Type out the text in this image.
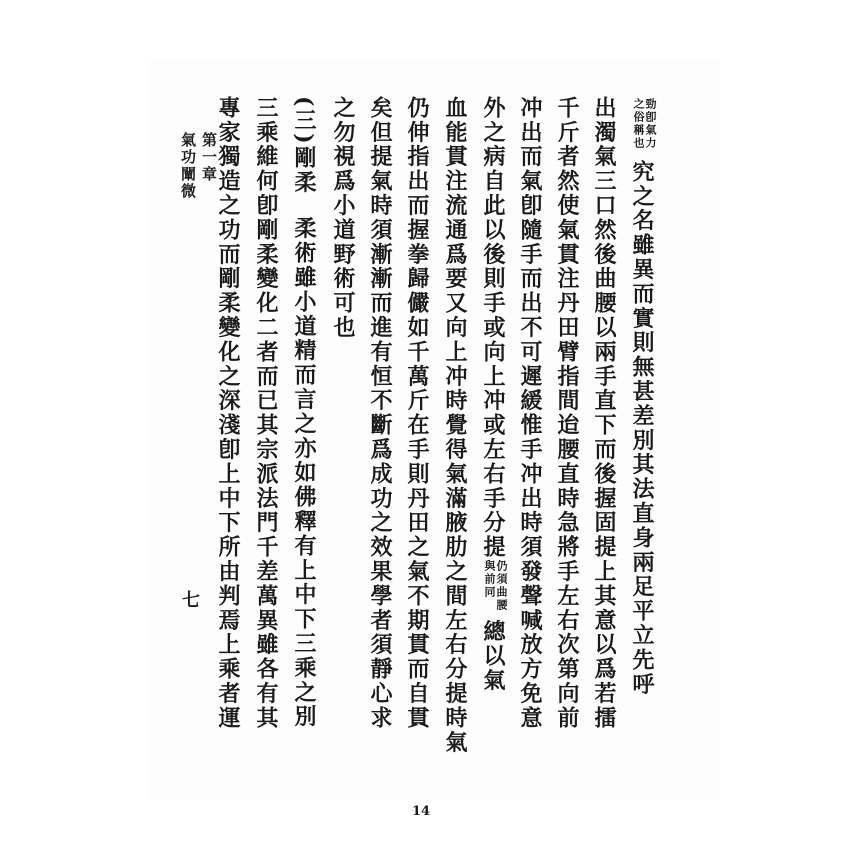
勁卽氣力之俗稱也究之名雖異而實則無甚差別其法直身兩足平立先呼
出濁氣三口然後曲腰以兩手直下而後握固提上其意以爲若擂
千斤者然使氣貫注丹田臂指間迨腰直時急將手左右次第向前
冲出而氣卽隨手而出不可遲緩惟手冲出時須發聲喊放方免意
外之病自此以後則手或向上冲或左右手分提仍須曲腰與前同總以氣
血能貫注流通爲要又向上冲時覺得氣滿腋肋之間左右分提時氣
仍伸指出而握拳歸儼如千萬斤在手則丹田之氣不期貫而自貫
矣但提氣時須漸漸而進有恒不斷爲成功之效果學者須靜心求
之勿視爲小道野術可也
(三)剛柔柔術雖小道精而言之亦如佛釋有上中下三乘之別
三乘維何卽剛柔變化二者而已其宗派法門千差萬異雖各有其
專家獨造之功而剛柔變化之深淺卽上中下所由判焉上乘者運
第一章
氣功闡微
七
14
